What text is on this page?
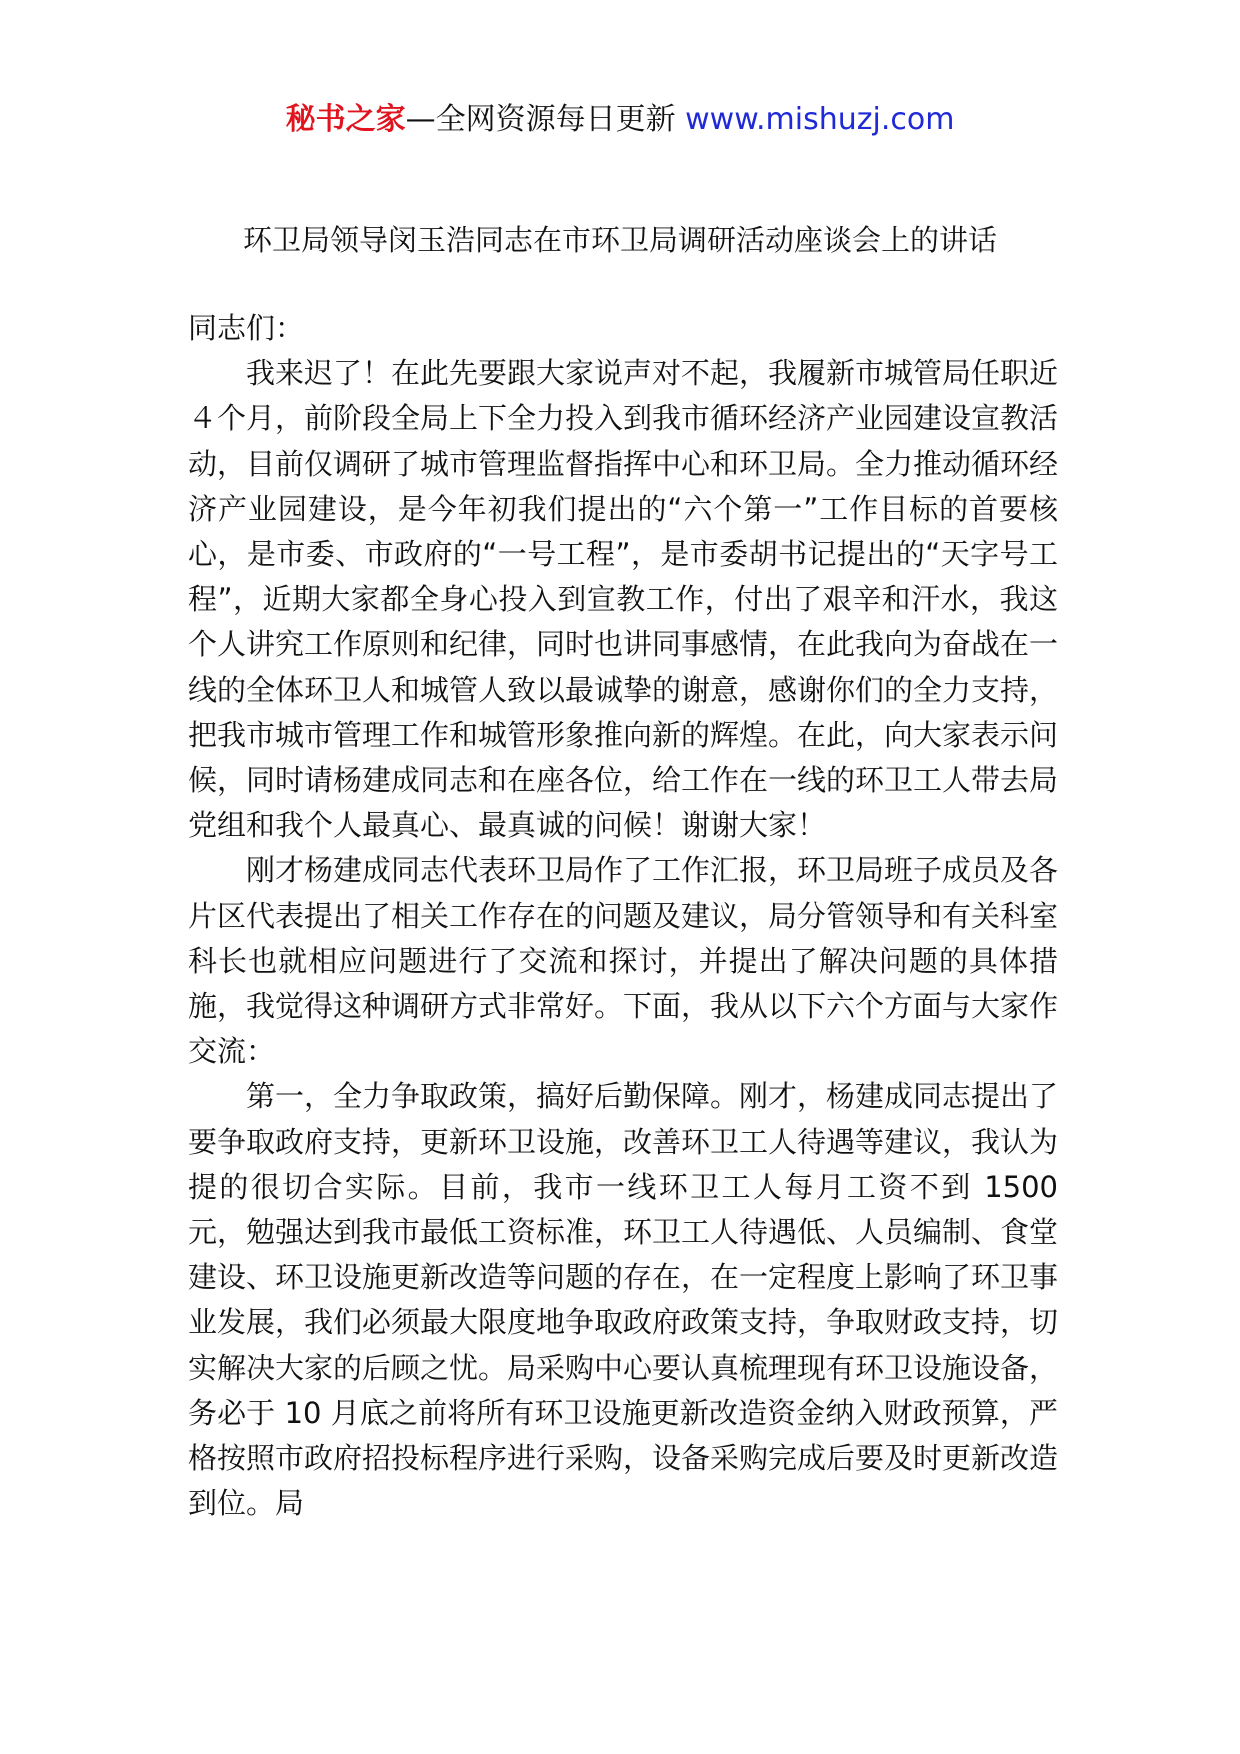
秘书之家—全网资源每日更新 www.mishuzj.com
环卫局领导闵玉浩同志在市环卫局调研活动座谈会上的讲话

同志们：

我来迟了！在此先要跟大家说声对不起，我履新市城管局任职近４个月，前阶段全局上下全力投入到我市循环经济产业园建设宣教活动，目前仅调研了城市管理监督指挥中心和环卫局。全力推动循环经济产业园建设，是今年初我们提出的“六个第一”工作目标的首要核心，是市委、市政府的“一号工程”，是市委胡书记提出的“天字号工程”，近期大家都全身心投入到宣教工作，付出了艰辛和汗水，我这个人讲究工作原则和纪律，同时也讲同事感情，在此我向为奋战在一线的全体环卫人和城管人致以最诚挚的谢意，感谢你们的全力支持，把我市城市管理工作和城管形象推向新的辉煌。在此，向大家表示问候，同时请杨建成同志和在座各位，给工作在一线的环卫工人带去局党组和我个人最真心、最真诚的问候！谢谢大家！

刚才杨建成同志代表环卫局作了工作汇报，环卫局班子成员及各片区代表提出了相关工作存在的问题及建议，局分管领导和有关科室科长也就相应问题进行了交流和探讨，并提出了解决问题的具体措施，我觉得这种调研方式非常好。下面，我从以下六个方面与大家作交流：

第一，全力争取政策，搞好后勤保障。刚才，杨建成同志提出了要争取政府支持，更新环卫设施，改善环卫工人待遇等建议，我认为提的很切合实际。目前，我市一线环卫工人每月工资不到 1500 元，勉强达到我市最低工资标准，环卫工人待遇低、人员编制、食堂建设、环卫设施更新改造等问题的存在，在一定程度上影响了环卫事业发展，我们必须最大限度地争取政府政策支持，争取财政支持，切实解决大家的后顾之忧。局采购中心要认真梳理现有环卫设施设备，务必于 10 月底之前将所有环卫设施更新改造资金纳入财政预算，严格按照市政府招投标程序进行采购，设备采购完成后要及时更新改造到位。局
